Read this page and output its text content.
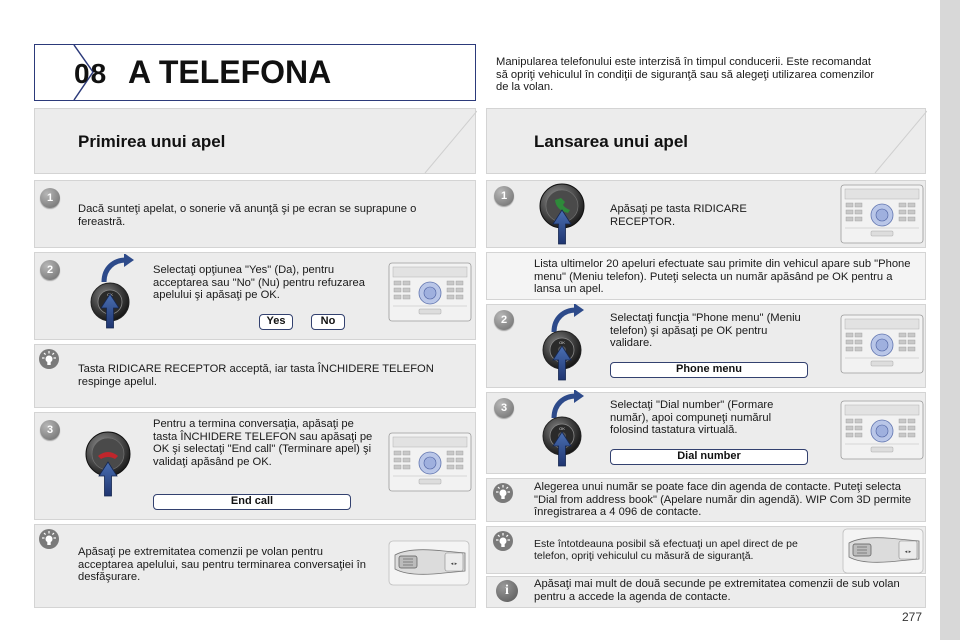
08 A TELEFONA	Manipularea telefonului este interzisă în timpul conducerii. Este recomandat să opriţi vehiculul în condiţii de siguranţă sau să alegeţi utilizarea comenzilor de la volan.
Primirea unui apel
1
Dacă sunteţi apelat, o sonerie vă anunţă şi pe ecran se suprapune o fereastră.
2	Selectaţi opţiunea "Yes" (Da), pentru acceptarea sau "No" (Nu) pentru refuzarea apelului şi apăsaţi pe OK.
Yes	No
Tasta RIDICARE RECEPTOR acceptă, iar tasta ÎNCHIDERE TELEFON respinge apelul.
3	Pentru a termina conversaţia, apăsaţi pe tasta ÎNCHIDERE TELEFON sau apăsaţi pe OK şi selectaţi "End call" (Terminare apel) şi validaţi apăsând pe OK.
End call
Apăsaţi pe extremitatea comenzii pe volan pentru acceptarea apelului, sau pentru terminarea conversaţiei în desfăşurare.
Lansarea unui apel
1
Apăsaţi pe tasta RIDICARE RECEPTOR.
Lista ultimelor 20 apeluri efectuate sau primite din vehicul apare sub "Phone menu" (Meniu telefon). Puteţi selecta un număr apăsând pe OK pentru a lansa un apel.
2	Selectaţi funcţia "Phone menu" (Meniu telefon) şi apăsaţi pe OK pentru validare.
Phone menu
3	Selectaţi "Dial number" (Formare număr), apoi compuneţi numărul folosind tastatura virtuală.
Dial number
Alegerea unui număr se poate face din agenda de contacte. Puteţi selecta "Dial from address book" (Apelare număr din agendă). WIP Com 3D permite înregistrarea a 4 096 de contacte.
Este întotdeauna posibil să efectuaţi un apel direct de pe telefon, opriţi vehiculul cu măsură de siguranţă.
i	Apăsaţi mai mult de două secunde pe extremitatea comenzii de sub volan pentru a accede la agenda de contacte.
277
